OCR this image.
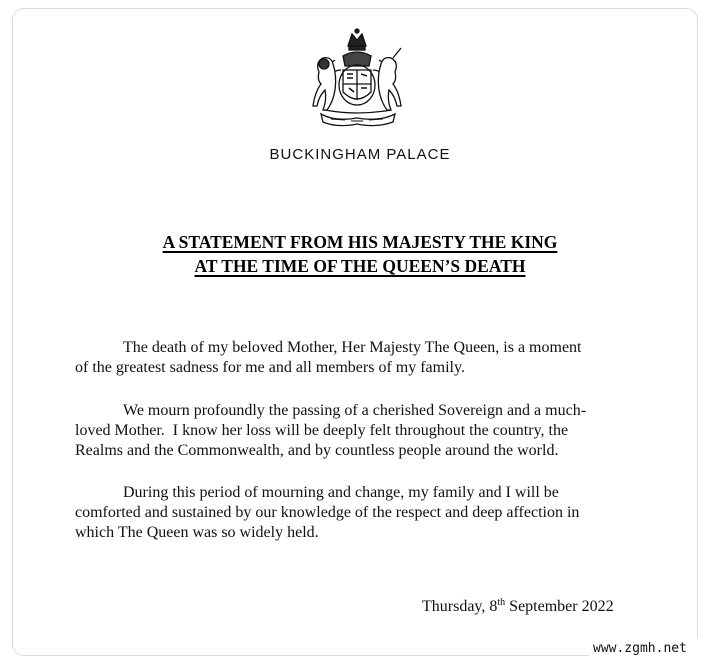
BUCKINGHAM PALACE
A STATEMENT FROM HIS MAJESTY THE KING
AT THE TIME OF THE QUEEN’S DEATH
The death of my beloved Mother, Her Majesty The Queen, is a moment
of the greatest sadness for me and all members of my family.
We mourn profoundly the passing of a cherished Sovereign and a much-
loved Mother.  I know her loss will be deeply felt throughout the country, the
Realms and the Commonwealth, and by countless people around the world.
During this period of mourning and change, my family and I will be
comforted and sustained by our knowledge of the respect and deep affection in
which The Queen was so widely held.
Thursday, 8th September 2022
www.zgmh.net
